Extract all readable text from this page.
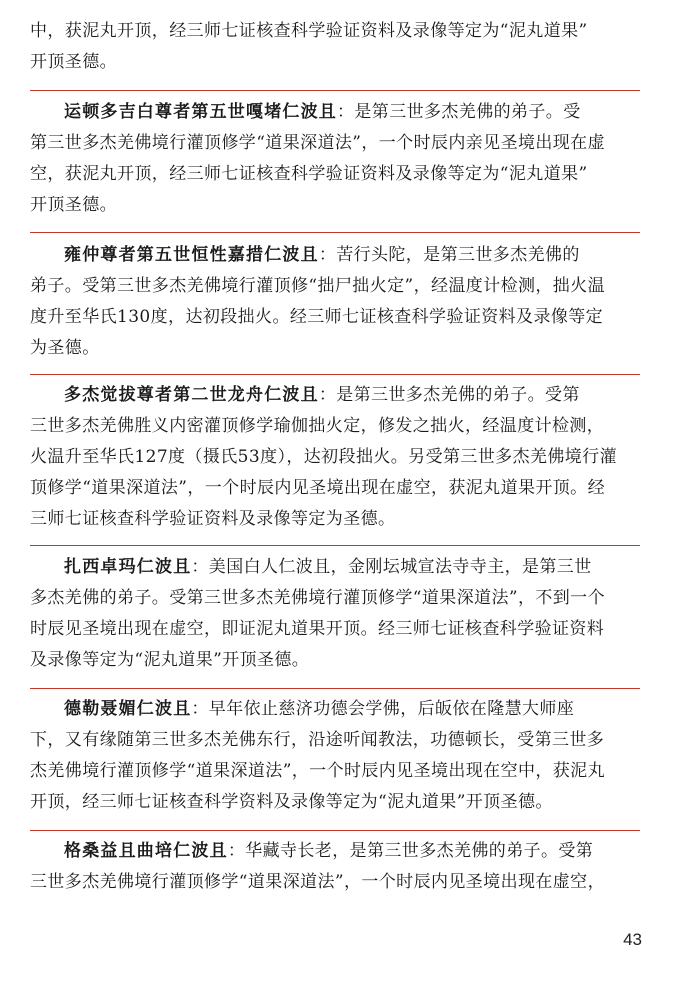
中，获泥丸开顶，经三师七证核查科学验证资料及录像等定为“泥丸道果”
开顶圣德。
运顿多吉白尊者第五世嘎堵仁波且：是第三世多杰羌佛的弟子。受
第三世多杰羌佛境行灌顶修学“道果深道法”，一个时辰内亲见圣境出现在虚
空，获泥丸开顶，经三师七证核查科学验证资料及录像等定为“泥丸道果”
开顶圣德。
雍仲尊者第五世恒性嘉措仁波且：苦行头陀，是第三世多杰羌佛的
弟子。受第三世多杰羌佛境行灌顶修“拙尸拙火定”，经温度计检测，拙火温
度升至华氏130度，达初段拙火。经三师七证核查科学验证资料及录像等定
为圣德。
多杰觉拔尊者第二世龙舟仁波且：是第三世多杰羌佛的弟子。受第
三世多杰羌佛胜义内密灌顶修学瑜伽拙火定，修发之拙火，经温度计检测，
火温升至华氏127度（摄氏53度），达初段拙火。另受第三世多杰羌佛境行灌
顶修学“道果深道法”，一个时辰内见圣境出现在虚空，获泥丸道果开顶。经
三师七证核查科学验证资料及录像等定为圣德。
扎西卓玛仁波且：美国白人仁波且，金刚坛城宣法寺寺主，是第三世
多杰羌佛的弟子。受第三世多杰羌佛境行灌顶修学“道果深道法”，不到一个
时辰见圣境出现在虚空，即证泥丸道果开顶。经三师七证核查科学验证资料
及录像等定为“泥丸道果”开顶圣德。
德勒聂媚仁波且：早年依止慈济功德会学佛，后皈依在隆慧大师座
下，又有缘随第三世多杰羌佛东行，沿途听闻教法，功德顿长，受第三世多
杰羌佛境行灌顶修学“道果深道法”，一个时辰内见圣境出现在空中，获泥丸
开顶，经三师七证核查科学资料及录像等定为“泥丸道果”开顶圣德。
格桑益且曲培仁波且：华藏寺长老，是第三世多杰羌佛的弟子。受第
三世多杰羌佛境行灌顶修学“道果深道法”，一个时辰内见圣境出现在虚空，
43
